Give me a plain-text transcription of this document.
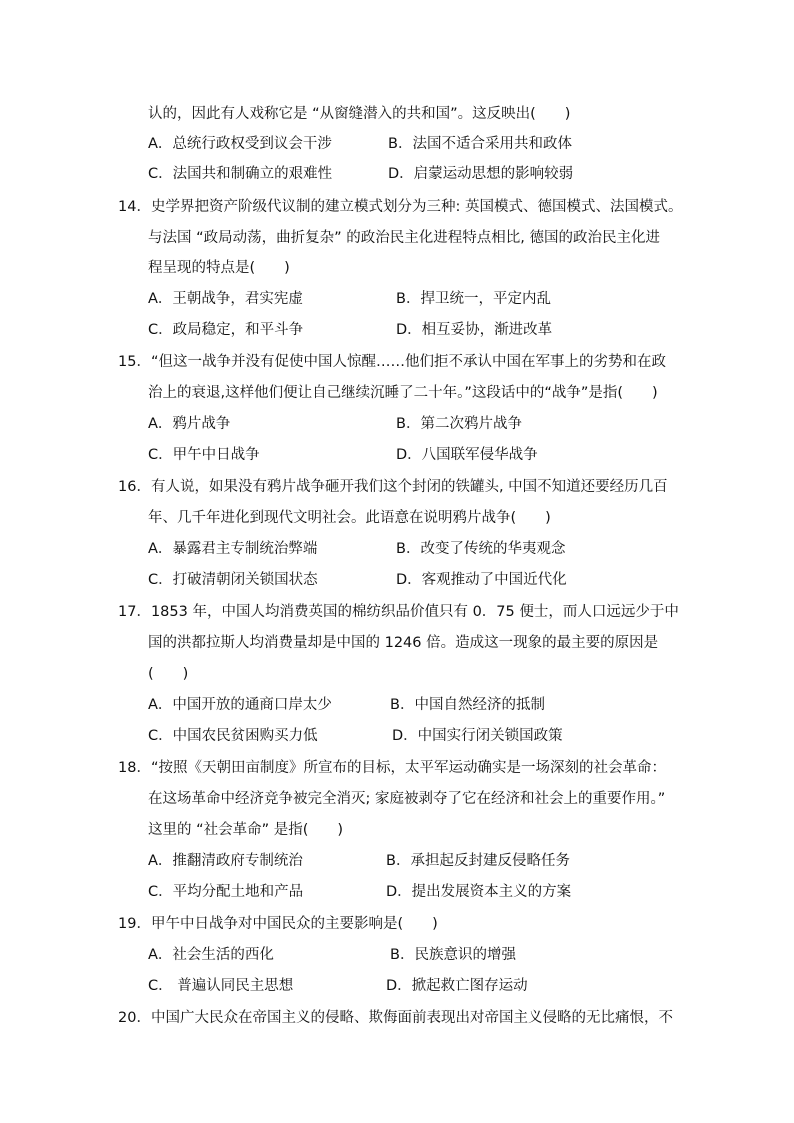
认的，因此有人戏称它是 “从窗缝潜入的共和国”。这反映出(　　)
A．总统行政权受到议会干涉	B．法国不适合采用共和政体
C．法国共和制确立的艰难性	D．启蒙运动思想的影响较弱
14．史学界把资产阶级代议制的建立模式划分为三种: 英国模式、德国模式、法国模式。
与法国 “政局动荡，曲折复杂” 的政治民主化进程特点相比, 德国的政治民主化进
程呈现的特点是(　　)
A．王朝战争，君实宪虚	B．捍卫统一，平定内乱
C．政局稳定，和平斗争	D．相互妥协，渐进改革
15．“但这一战争并没有促使中国人惊醒……他们拒不承认中国在军事上的劣势和在政
治上的衰退,这样他们便让自己继续沉睡了二十年。”这段话中的“战争”是指(　　)
A．鸦片战争	B．第二次鸦片战争
C．甲午中日战争	D．八国联军侵华战争
16．有人说，如果没有鸦片战争砸开我们这个封闭的铁罐头, 中国不知道还要经历几百
年、几千年进化到现代文明社会。此语意在说明鸦片战争(　　)
A．暴露君主专制统治弊端	B．改变了传统的华夷观念
C．打破清朝闭关锁国状态	D．客观推动了中国近代化
17．1853 年，中国人均消费英国的棉纺织品价值只有 0．75 便士，而人口远远少于中
国的洪都拉斯人均消费量却是中国的 1246 倍。造成这一现象的最主要的原因是
(　　)
A．中国开放的通商口岸太少	B．中国自然经济的抵制
C．中国农民贫困购买力低	D．中国实行闭关锁国政策
18．“按照《天朝田亩制度》所宣布的目标，太平军运动确实是一场深刻的社会革命：
在这场革命中经济竞争被完全消灭; 家庭被剥夺了它在经济和社会上的重要作用。”
这里的 “社会革命” 是指(　　)
A．推翻清政府专制统治	B．承担起反封建反侵略任务
C．平均分配土地和产品	D．提出发展资本主义的方案
19．甲午中日战争对中国民众的主要影响是(　　)
A．社会生活的西化	B．民族意识的增强
C． 普遍认同民主思想	D．掀起救亡图存运动
20．中国广大民众在帝国主义的侵略、欺侮面前表现出对帝国主义侵略的无比痛恨，不
